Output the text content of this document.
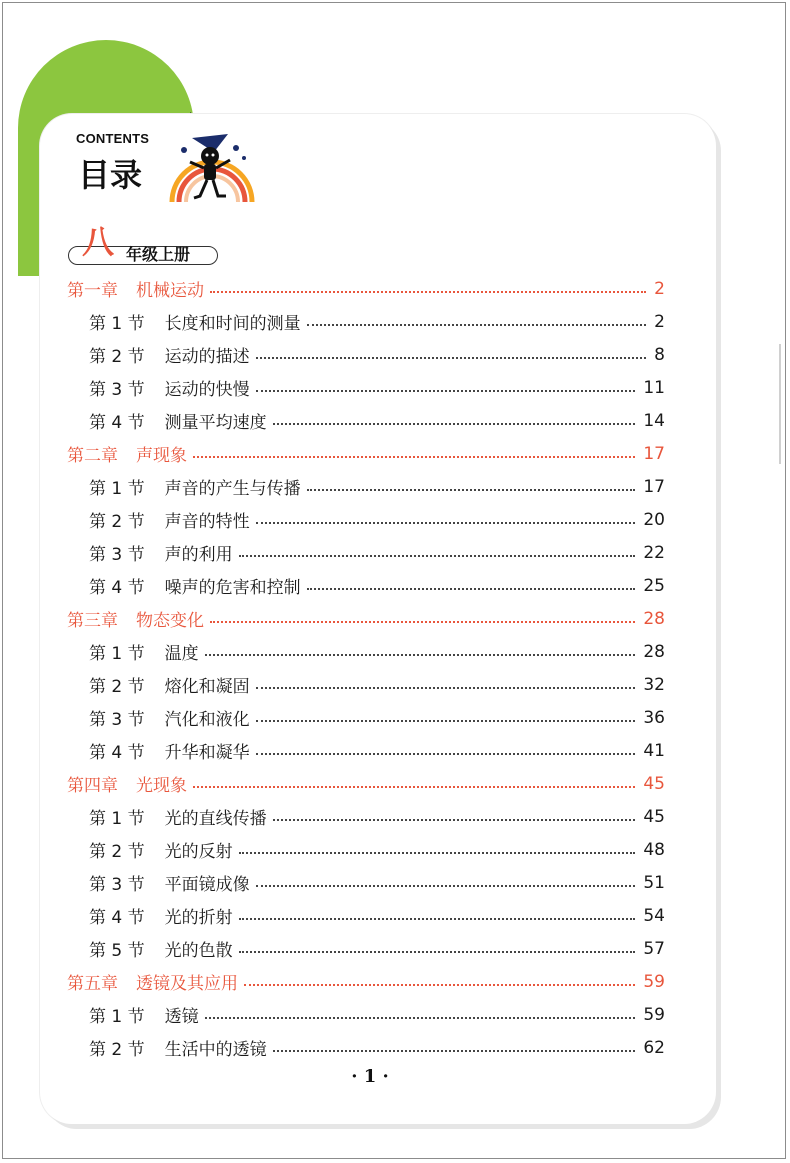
CONTENTS
目录
八 年级上册
第一章 机械运动	2
第 1 节 长度和时间的测量	2
第 2 节 运动的描述	8
第 3 节 运动的快慢	11
第 4 节 测量平均速度	14
第二章 声现象	17
第 1 节 声音的产生与传播	17
第 2 节 声音的特性	20
第 3 节 声的利用	22
第 4 节 噪声的危害和控制	25
第三章 物态变化	28
第 1 节 温度	28
第 2 节 熔化和凝固	32
第 3 节 汽化和液化	36
第 4 节 升华和凝华	41
第四章 光现象	45
第 1 节 光的直线传播	45
第 2 节 光的反射	48
第 3 节 平面镜成像	51
第 4 节 光的折射	54
第 5 节 光的色散	57
第五章 透镜及其应用	59
第 1 节 透镜	59
第 2 节 生活中的透镜	62
· 1 ·
